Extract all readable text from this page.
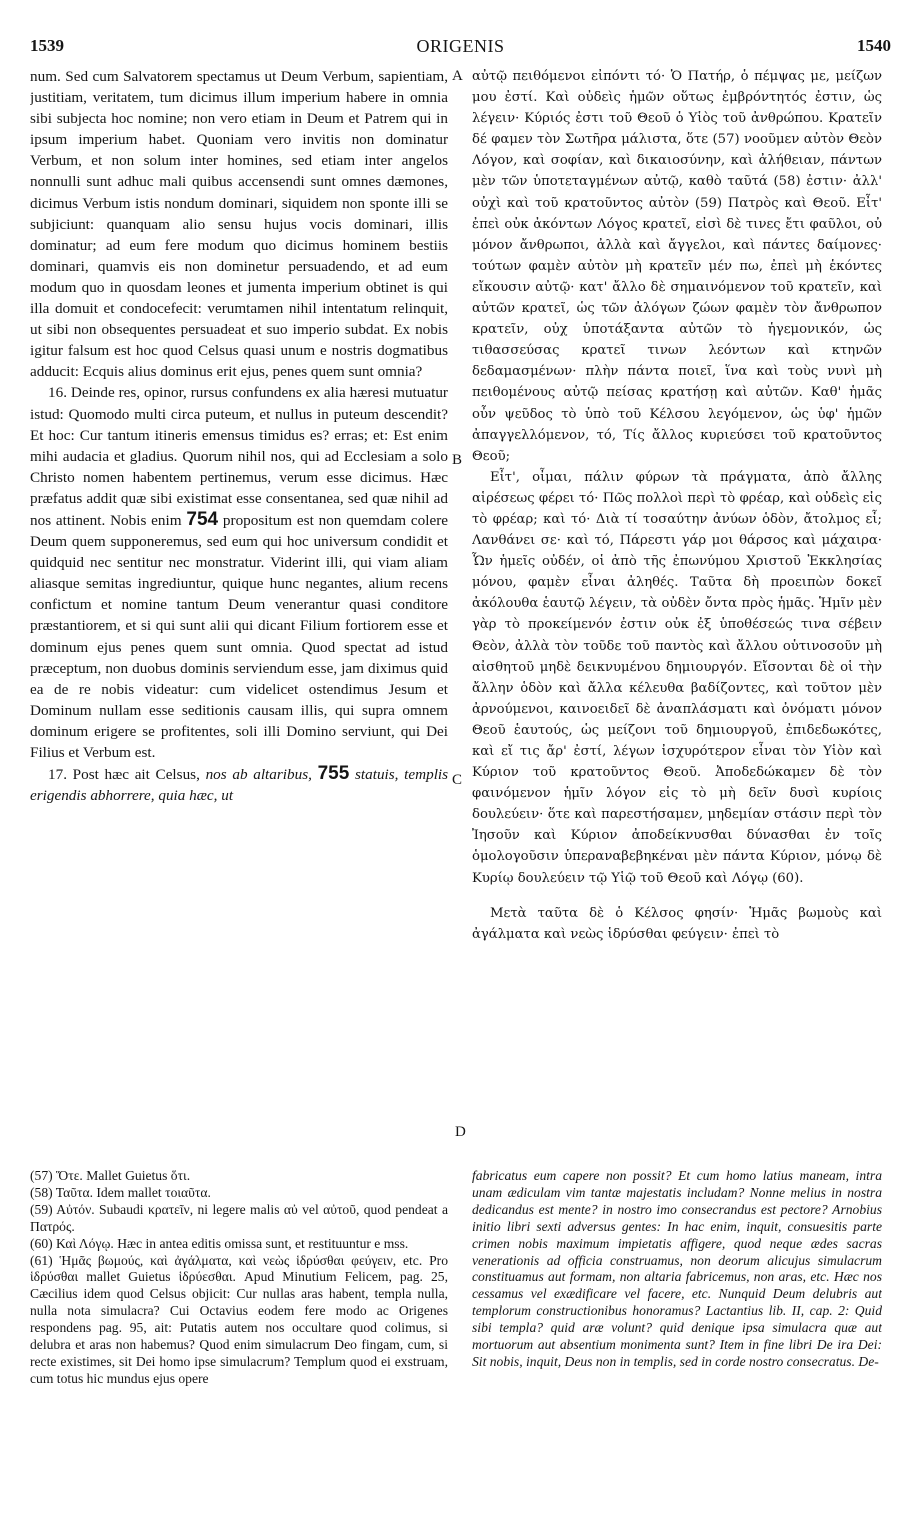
1539	ORIGENIS	1540

num. Sed cum Salvatorem spectamus ut Deum Verbum, sapientiam, justitiam, veritatem, tum dicimus illum imperium habere in omnia sibi subjecta hoc nomine; non vero etiam in Deum et Patrem qui in ipsum imperium habet. Quoniam vero invitis non dominatur Verbum, et non solum inter homines, sed etiam inter angelos nonnulli sunt adhuc mali quibus accensendi sunt omnes dæmones, dicimus Verbum istis nondum dominari, siquidem non sponte illi se subjiciunt: quanquam alio sensu hujus vocis dominari, illis dominatur; ad eum fere modum quo dicimus hominem bestiis dominari, quamvis eis non dominetur persuadendo, et ad eum modum quo in quosdam leones et jumenta imperium obtinet is qui illa domuit et condocefecit: verumtamen nihil intentatum relinquit, ut sibi non obsequentes persuadeat et suo imperio subdat. Ex nobis igitur falsum est hoc quod Celsus quasi unum e nostris dogmatibus adducit: Ecquis alius dominus erit ejus, penes quem sunt omnia?

16. Deinde res, opinor, rursus confundens ex alia hæresi mutuatur istud: Quomodo multi circa puteum, et nullus in puteum descendit? Et hoc: Cur tantum itineris emensus timidus es? erras; et: Est enim mihi audacia et gladius. Quorum nihil nos, qui ad Ecclesiam a solo Christo nomen habentem pertinemus, verum esse dicimus. Hæc præfatus addit quæ sibi existimat esse consentanea, sed quæ nihil ad nos attinent. Nobis enim 754 propositum est non quemdam colere Deum quem supponeremus, sed eum qui hoc universum condidit et quidquid nec sentitur nec monstratur. Viderint illi, qui viam aliam aliasque semitas ingrediuntur, quique hunc negantes, alium recens confictum et nomine tantum Deum venerantur quasi conditore præstantiorem, et si qui sunt alii qui dicant Filium fortiorem esse et dominum ejus penes quem sunt omnia. Quod spectat ad istud præceptum, non duobus dominis serviendum esse, jam diximus quid ea de re nobis videatur: cum videlicet ostendimus Jesum et Dominum nullam esse seditionis causam illis, qui supra omnem dominum erigere se profitentes, soli illi Domino serviunt, qui Dei Filius et Verbum est.

17. Post hæc ait Celsus, nos ab altaribus, 755 statuis, templis erigendis abhorrere, quia hæc, ut

A
B
C
D

αὐτῷ πειθόμενοι εἰπόντι τό· Ὁ Πατήρ, ὁ πέμψας με, μείζων μου ἐστί. Καὶ οὐδεὶς ἡμῶν οὕτως ἐμβρόντητός ἐστιν, ὡς λέγειν· Κύριός ἐστι τοῦ Θεοῦ ὁ Υἱὸς τοῦ ἀνθρώπου. Κρατεῖν δέ φαμεν τὸν Σωτῆρα μάλιστα, ὅτε (57) νοοῦμεν αὐτὸν Θεὸν Λόγον, καὶ σοφίαν, καὶ δικαιοσύνην, καὶ ἀλήθειαν, πάντων μὲν τῶν ὑποτεταγμένων αὐτῷ, καθὸ ταῦτά (58) ἐστιν· ἀλλ' οὐχὶ καὶ τοῦ κρατοῦντος αὐτὸν (59) Πατρὸς καὶ Θεοῦ. Εἶτ' ἐπεὶ οὐκ ἀκόντων Λόγος κρατεῖ, εἰσὶ δὲ τινες ἔτι φαῦλοι, οὐ μόνον ἄνθρωποι, ἀλλὰ καὶ ἄγγελοι, καὶ πάντες δαίμονες· τούτων φαμὲν αὐτὸν μὴ κρατεῖν μέν πω, ἐπεὶ μὴ ἑκόντες εἴκουσιν αὐτῷ· κατ' ἄλλο δὲ σημαινόμενον τοῦ κρατεῖν, καὶ αὐτῶν κρατεῖ, ὡς τῶν ἀλόγων ζώων φαμὲν τὸν ἄνθρωπον κρατεῖν, οὐχ ὑποτάξαντα αὐτῶν τὸ ἡγεμονικόν, ὡς τιθασσεύσας κρατεῖ τινων λεόντων καὶ κτηνῶν δεδαμασμένων· πλὴν πάντα ποιεῖ, ἵνα καὶ τοὺς νυνὶ μὴ πειθομένους αὐτῷ πείσας κρατήσῃ καὶ αὐτῶν. Καθ' ἡμᾶς οὖν ψεῦδος τὸ ὑπὸ τοῦ Κέλσου λεγόμενον, ὡς ὑφ' ἡμῶν ἀπαγγελλόμενον, τό, Τίς ἄλλος κυριεύσει τοῦ κρατοῦντος Θεοῦ;

Εἶτ', οἶμαι, πάλιν φύρων τὰ πράγματα, ἀπὸ ἄλλης αἱρέσεως φέρει τό· Πῶς πολλοὶ περὶ τὸ φρέαρ, καὶ οὐδεὶς εἰς τὸ φρέαρ; καὶ τό· Διὰ τί τοσαύτην ἀνύων ὁδὸν, ἄτολμος εἶ; Λανθάνει σε· καὶ τό, Πάρεστι γάρ μοι θάρσος καὶ μάχαιρα· Ὧν ἡμεῖς οὐδέν, οἱ ἀπὸ τῆς ἐπωνύμου Χριστοῦ Ἐκκλησίας μόνου, φαμὲν εἶναι ἀληθές. Ταῦτα δὴ προειπὼν δοκεῖ ἀκόλουθα ἑαυτῷ λέγειν, τὰ οὐδὲν ὄντα πρὸς ἡμᾶς. Ἡμῖν μὲν γὰρ τὸ προκείμενόν ἐστιν οὐκ ἐξ ὑποθέσεώς τινα σέβειν Θεὸν, ἀλλὰ τὸν τοῦδε τοῦ παντὸς καὶ ἄλλου οὑτινοσοῦν μὴ αἰσθητοῦ μηδὲ δεικνυμένου δημιουργόν. Εἴσονται δὲ οἱ τὴν ἄλλην ὁδὸν καὶ ἄλλα κέλευθα βαδίζοντες, καὶ τοῦτον μὲν ἀρνούμενοι, καινοειδεῖ δὲ ἀναπλάσματι καὶ ὀνόματι μόνον Θεοῦ ἑαυτούς, ὡς μείζονι τοῦ δημιουργοῦ, ἐπιδεδωκότες, καὶ εἴ τις ἄρ' ἐστί, λέγων ἰσχυρότερον εἶναι τὸν Υἱὸν καὶ Κύριον τοῦ κρατοῦντος Θεοῦ. Ἀποδεδώκαμεν δὲ τὸν φαινόμενον ἡμῖν λόγον εἰς τὸ μὴ δεῖν δυσὶ κυρίοις δουλεύειν· ὅτε καὶ παρεστήσαμεν, μηδεμίαν στάσιν περὶ τὸν Ἰησοῦν καὶ Κύριον ἀποδείκνυσθαι δύνασθαι ἐν τοῖς ὁμολογοῦσιν ὑπεραναβεβηκέναι μὲν πάντα Κύριον, μόνῳ δὲ Κυρίῳ δουλεύειν τῷ Υἱῷ τοῦ Θεοῦ καὶ Λόγῳ (60).

Μετὰ ταῦτα δὲ ὁ Κέλσος φησίν· Ἡμᾶς βωμοὺς καὶ ἀγάλματα καὶ νεὼς ἱδρύσθαι φεύγειν· ἐπεὶ τὸ

(57) Ὅτε. Mallet Guietus ὅτι.

(58) Ταῦτα. Idem mallet τοιαῦτα.

(59) Αὐτόν. Subaudi κρατεῖν, ni legere malis αὐ vel αὐτοῦ, quod pendeat a Πατρός.

(60) Καὶ Λόγῳ. Hæc in antea editis omissa sunt, et restituuntur e mss.

(61) Ἡμᾶς βωμούς, καὶ ἀγάλματα, καὶ νεὼς ἱδρύσθαι φεύγειν, etc. Pro ἱδρύσθαι mallet Guietus ἱδρύεσθαι. Apud Minutium Felicem, pag. 25, Cæcilius idem quod Celsus objicit: Cur nullas aras habent, templa nulla, nulla nota simulacra? Cui Octavius eodem fere modo ac Origenes respondens pag. 95, ait: Putatis autem nos occultare quod colimus, si delubra et aras non habemus? Quod enim simulacrum Deo fingam, cum, si recte existimes, sit Dei homo ipse simulacrum? Templum quod ei exstruam, cum totus hic mundus ejus opere

fabricatus eum capere non possit? Et cum homo latius maneam, intra unam ædiculam vim tantæ majestatis includam? Nonne melius in nostra dedicandus est mente? in nostro imo consecrandus est pectore? Arnobius initio libri sexti adversus gentes: In hac enim, inquit, consuesitis parte crimen nobis maximum impietatis affigere, quod neque ædes sacras venerationis ad officia construamus, non deorum alicujus simulacrum constituamus aut formam, non altaria fabricemus, non aras, etc. Hæc nos cessamus vel exædificare vel facere, etc. Nunquid Deum delubris aut templorum constructionibus honoramus? Lactantius lib. II, cap. 2: Quid sibi templa? quid aræ volunt? quid denique ipsa simulacra quæ aut mortuorum aut absentium monimenta sunt? Item in fine libri De ira Dei: Sit nobis, inquit, Deus non in templis, sed in corde nostro consecratus. De-
